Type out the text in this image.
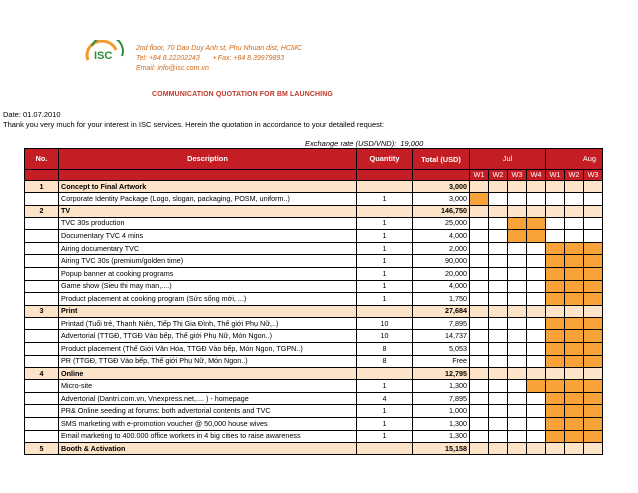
ISC
2nd floor, 70 Dao Duy Anh st, Phu Nhuan dist, HCMC
Tel: +84 8.22202243 • Fax: +84 8.39979893
Email: info@isc.com.vn
COMMUNICATION QUOTATION FOR BM LAUNCHING
Date: 01.07.2010
Thank you very much for your interest in ISC services. Herein the quotation in accordance to your detailed request:
Exchange rate (USD/VND): 19,000
No.	Description	Quantity	Total (USD)	Jul				Aug		
				W1	W2	W3	W4	W1	W2	W3
1	Concept to Final Artwork		3,000							
	Corporate Identity Package (Logo, slogan, packaging, POSM, uniform..)	1	3,000							
2	TV		146,750							
	TVC 30s production	1	25,000							
	Documentary TVC 4 mins	1	4,000							
	Airing documentary TVC	1	2,000							
	Airing TVC 30s (premium/golden time)	1	90,000							
	Popup banner at cooking programs	1	20,000							
	Game show (Sieu thi may man,....)	1	4,000							
	Product placement at cooking program (Sức sống mới, ...)	1	1,750							
3	Print		27,684							
	Printad (Tuổi trẻ, Thanh Niên, Tiếp Thị Gia Đình, Thế giới Phụ Nữ,..)	10	7,895							
	Advertorial (TTGĐ, TTGĐ Vào bếp, Thế giới Phụ Nữ, Món Ngon..)	10	14,737							
	Product placement (Thế Giới Văn Hóa, TTGĐ Vào bếp, Món Ngon, TGPN..)	8	5,053							
	PR (TTGĐ, TTGĐ Vào bếp, Thế giới Phụ Nữ, Món Ngon..)	8	Free							
4	Online		12,795							
	Micro-site	1	1,300							
	Advertorial (Dantri.com.vn, Vnexpress.net,.... ) - homepage	4	7,895							
	PR& Online seeding at forums: both advertorial contents and TVC	1	1,000							
	SMS marketing with e-promotion voucher @ 50,000 house wives	1	1,300							
	Email marketing to 400.000 office workers in 4 big cities to raise awareness	1	1,300							
5	Booth & Activation		15,158							
